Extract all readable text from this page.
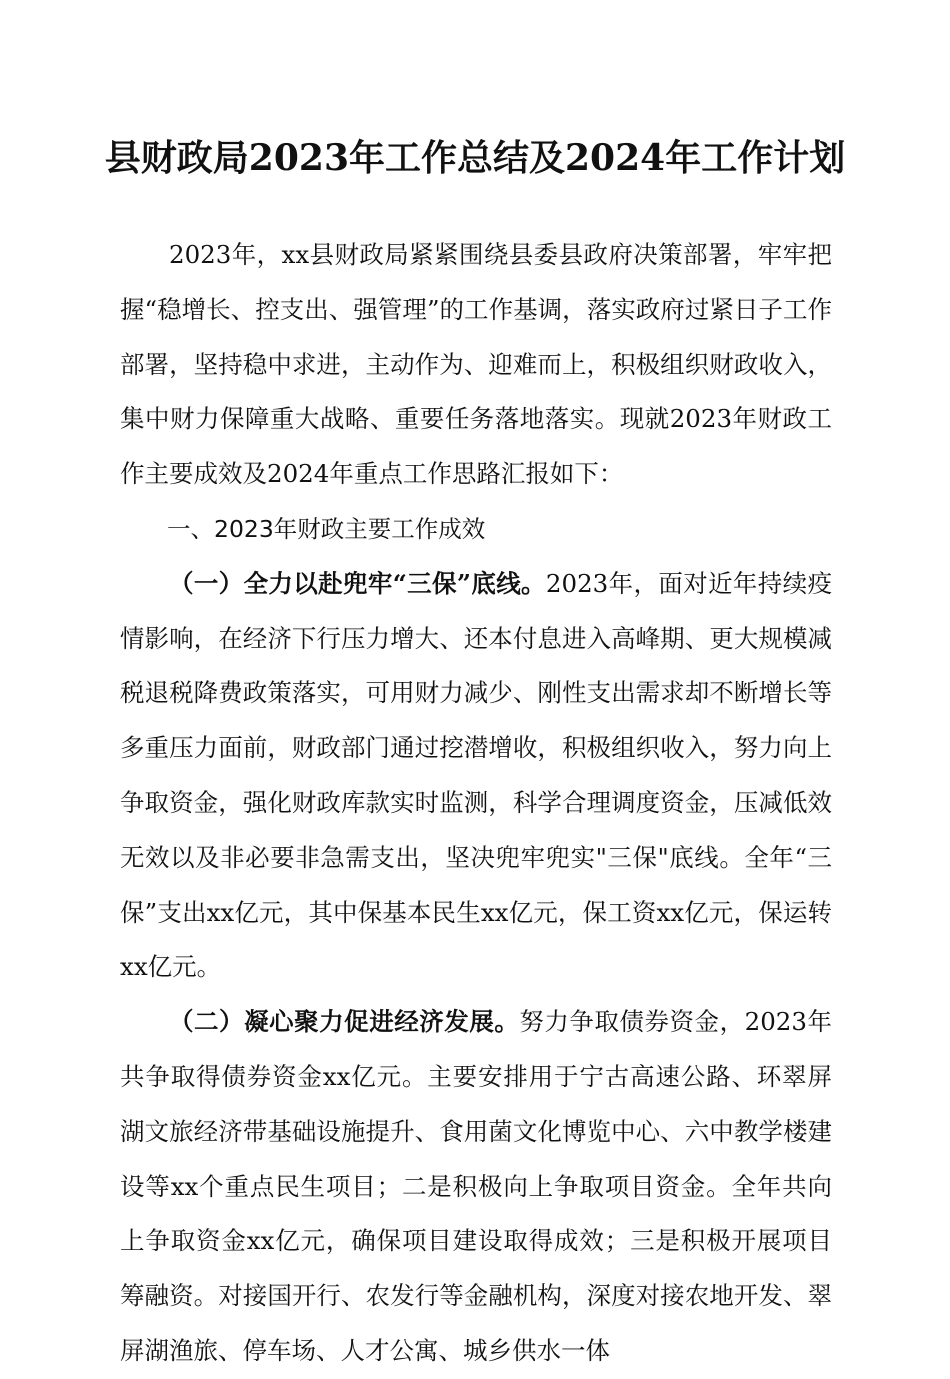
县财政局2023年工作总结及2024年工作计划

2023年，xx县财政局紧紧围绕县委县政府决策部署，牢牢把握“稳增长、控支出、强管理”的工作基调，落实政府过紧日子工作部署，坚持稳中求进，主动作为、迎难而上，积极组织财政收入，集中财力保障重大战略、重要任务落地落实。现就2023年财政工作主要成效及2024年重点工作思路汇报如下：

一、2023年财政主要工作成效

（一）全力以赴兜牢“三保”底线。2023年，面对近年持续疫情影响，在经济下行压力增大、还本付息进入高峰期、更大规模减税退税降费政策落实，可用财力减少、刚性支出需求却不断增长等多重压力面前，财政部门通过挖潜增收，积极组织收入，努力向上争取资金，强化财政库款实时监测，科学合理调度资金，压减低效无效以及非必要非急需支出，坚决兜牢兜实"三保"底线。全年“三保”支出xx亿元，其中保基本民生xx亿元，保工资xx亿元，保运转xx亿元。

（二）凝心聚力促进经济发展。努力争取债券资金，2023年共争取得债券资金xx亿元。主要安排用于宁古高速公路、环翠屏湖文旅经济带基础设施提升、食用菌文化博览中心、六中教学楼建设等xx个重点民生项目；二是积极向上争取项目资金。全年共向上争取资金xx亿元，确保项目建设取得成效；三是积极开展项目筹融资。对接国开行、农发行等金融机构，深度对接农地开发、翠屏湖渔旅、停车场、人才公寓、城乡供水一体
